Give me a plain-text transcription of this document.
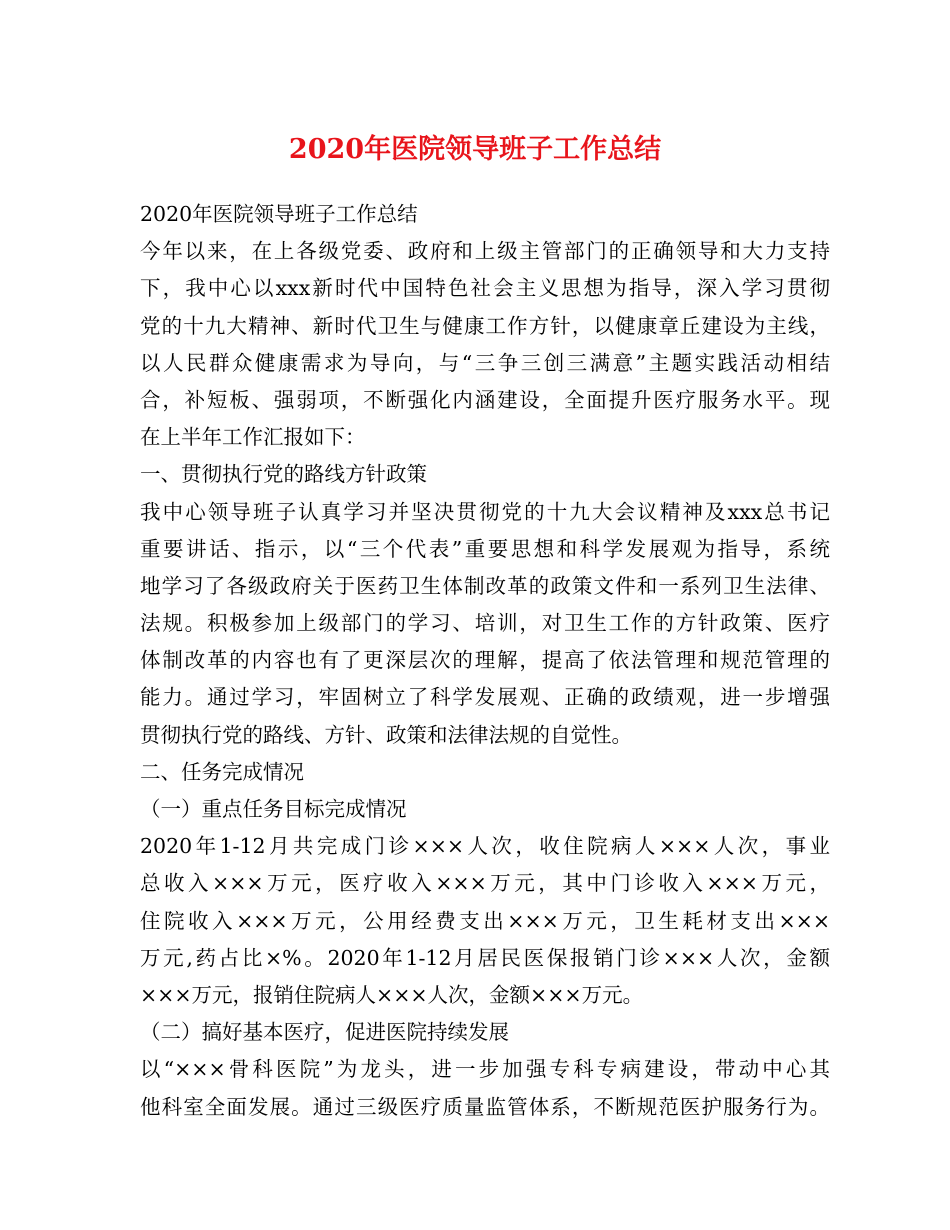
2020年医院领导班子工作总结
2020年医院领导班子工作总结
今年以来，在上各级党委、政府和上级主管部门的正确领导和大力支持
下，我中心以xxx新时代中国特色社会主义思想为指导，深入学习贯彻
党的十九大精神、新时代卫生与健康工作方针，以健康章丘建设为主线，
以人民群众健康需求为导向，与“三争三创三满意”主题实践活动相结
合，补短板、强弱项，不断强化内涵建设，全面提升医疗服务水平。现
在上半年工作汇报如下：
一、贯彻执行党的路线方针政策
我中心领导班子认真学习并坚决贯彻党的十九大会议精神及xxx总书记
重要讲话、指示，以“三个代表”重要思想和科学发展观为指导，系统
地学习了各级政府关于医药卫生体制改革的政策文件和一系列卫生法律、
法规。积极参加上级部门的学习、培训，对卫生工作的方针政策、医疗
体制改革的内容也有了更深层次的理解，提高了依法管理和规范管理的
能力。通过学习，牢固树立了科学发展观、正确的政绩观，进一步增强
贯彻执行党的路线、方针、政策和法律法规的自觉性。
二、任务完成情况
（一）重点任务目标完成情况
2020年1-12月共完成门诊×××人次，收住院病人×××人次，事业
总收入×××万元，医疗收入×××万元，其中门诊收入×××万元，
住院收入×××万元，公用经费支出×××万元，卫生耗材支出×××
万元,药占比×%。2020年1-12月居民医保报销门诊×××人次，金额
×××万元，报销住院病人×××人次，金额×××万元。
（二）搞好基本医疗，促进医院持续发展
以“×××骨科医院”为龙头，进一步加强专科专病建设，带动中心其
他科室全面发展。通过三级医疗质量监管体系，不断规范医护服务行为。
